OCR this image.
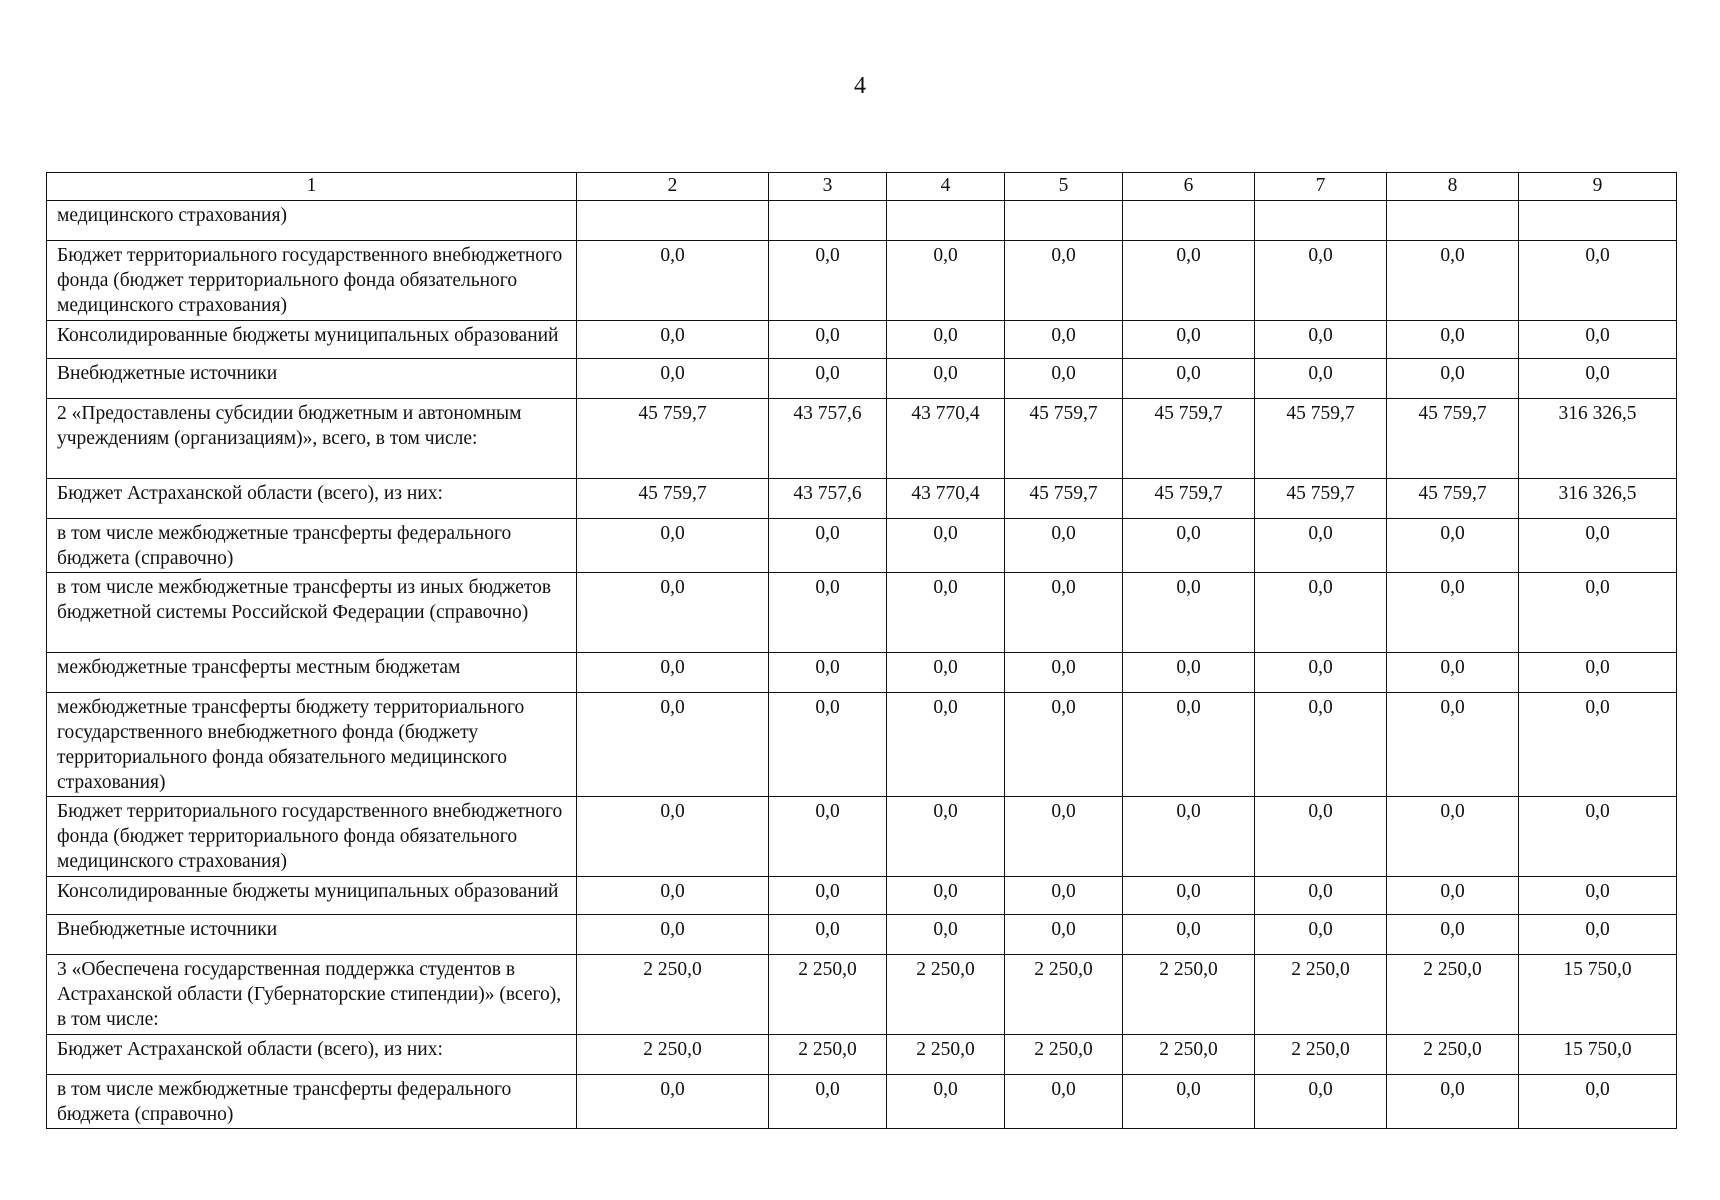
4
1	2	3	4	5	6	7	8	9
медицинского страхования)								
Бюджет территориального государственного внебюджетного фонда (бюджет территориального фонда обязательного медицинского страхования)	0,0	0,0	0,0	0,0	0,0	0,0	0,0	0,0
Консолидированные бюджеты муниципальных образований	0,0	0,0	0,0	0,0	0,0	0,0	0,0	0,0
Внебюджетные источники	0,0	0,0	0,0	0,0	0,0	0,0	0,0	0,0
2 «Предоставлены субсидии бюджетным и автономным учреждениям (организациям)», всего, в том числе:	45 759,7	43 757,6	43 770,4	45 759,7	45 759,7	45 759,7	45 759,7	316 326,5
Бюджет Астраханской области (всего), из них:	45 759,7	43 757,6	43 770,4	45 759,7	45 759,7	45 759,7	45 759,7	316 326,5
в том числе межбюджетные трансферты федерального бюджета (справочно)	0,0	0,0	0,0	0,0	0,0	0,0	0,0	0,0
в том числе межбюджетные трансферты из иных бюджетов бюджетной системы Российской Федерации (справочно)	0,0	0,0	0,0	0,0	0,0	0,0	0,0	0,0
межбюджетные трансферты местным бюджетам	0,0	0,0	0,0	0,0	0,0	0,0	0,0	0,0
межбюджетные трансферты бюджету территориального государственного внебюджетного фонда (бюджету территориального фонда обязательного медицинского страхования)	0,0	0,0	0,0	0,0	0,0	0,0	0,0	0,0
Бюджет территориального государственного внебюджетного фонда (бюджет территориального фонда обязательного медицинского страхования)	0,0	0,0	0,0	0,0	0,0	0,0	0,0	0,0
Консолидированные бюджеты муниципальных образований	0,0	0,0	0,0	0,0	0,0	0,0	0,0	0,0
Внебюджетные источники	0,0	0,0	0,0	0,0	0,0	0,0	0,0	0,0
3 «Обеспечена государственная поддержка студентов в Астраханской области (Губернаторские стипендии)» (всего), в том числе:	2 250,0	2 250,0	2 250,0	2 250,0	2 250,0	2 250,0	2 250,0	15 750,0
Бюджет Астраханской области (всего), из них:	2 250,0	2 250,0	2 250,0	2 250,0	2 250,0	2 250,0	2 250,0	15 750,0
в том числе межбюджетные трансферты федерального бюджета (справочно)	0,0	0,0	0,0	0,0	0,0	0,0	0,0	0,0
